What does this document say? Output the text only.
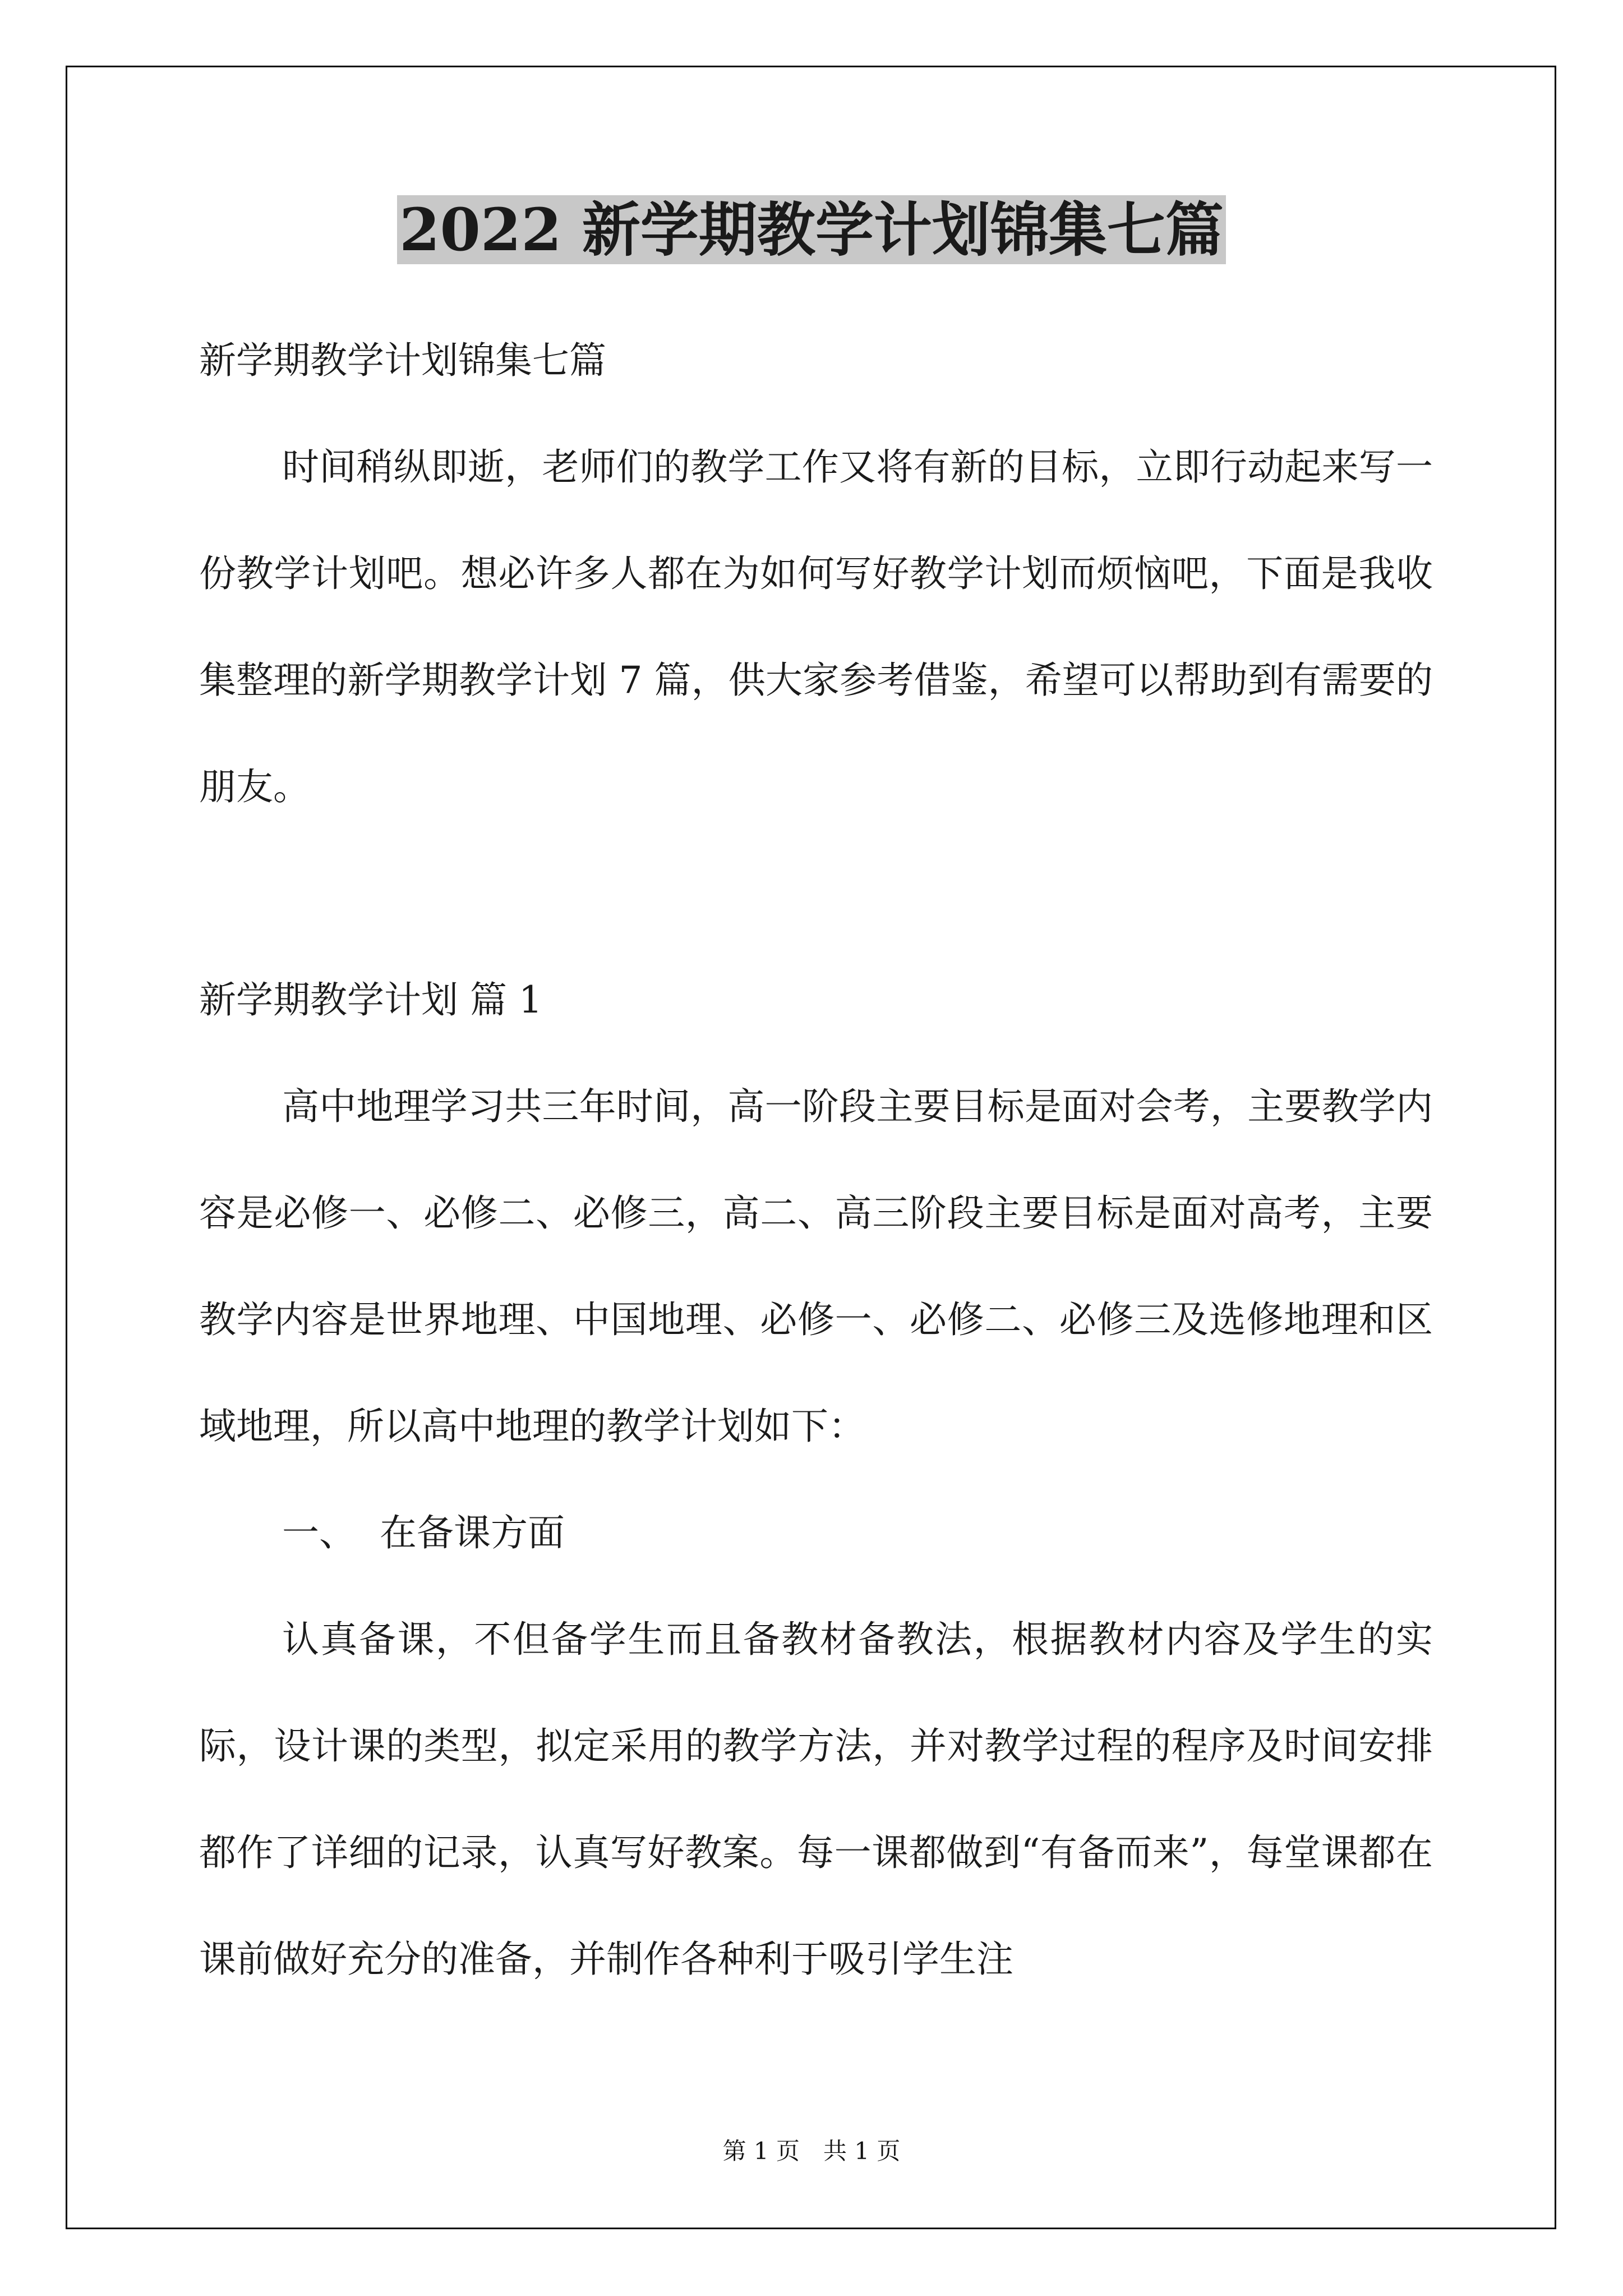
2022 新学期教学计划锦集七篇
新学期教学计划锦集七篇
时间稍纵即逝，老师们的教学工作又将有新的目标，立即行动起来写一份教学计划吧。想必许多人都在为如何写好教学计划而烦恼吧，下面是我收集整理的新学期教学计划 7 篇，供大家参考借鉴，希望可以帮助到有需要的朋友。
新学期教学计划 篇 1
高中地理学习共三年时间，高一阶段主要目标是面对会考，主要教学内容是必修一、必修二、必修三，高二、高三阶段主要目标是面对高考，主要教学内容是世界地理、中国地理、必修一、必修二、必修三及选修地理和区域地理，所以高中地理的教学计划如下：
一、  在备课方面
认真备课，不但备学生而且备教材备教法，根据教材内容及学生的实际，设计课的类型，拟定采用的教学方法，并对教学过程的程序及时间安排都作了详细的记录，认真写好教案。每一课都做到“有备而来”，每堂课都在课前做好充分的准备，并制作各种利于吸引学生注
第 1 页　共 1 页
